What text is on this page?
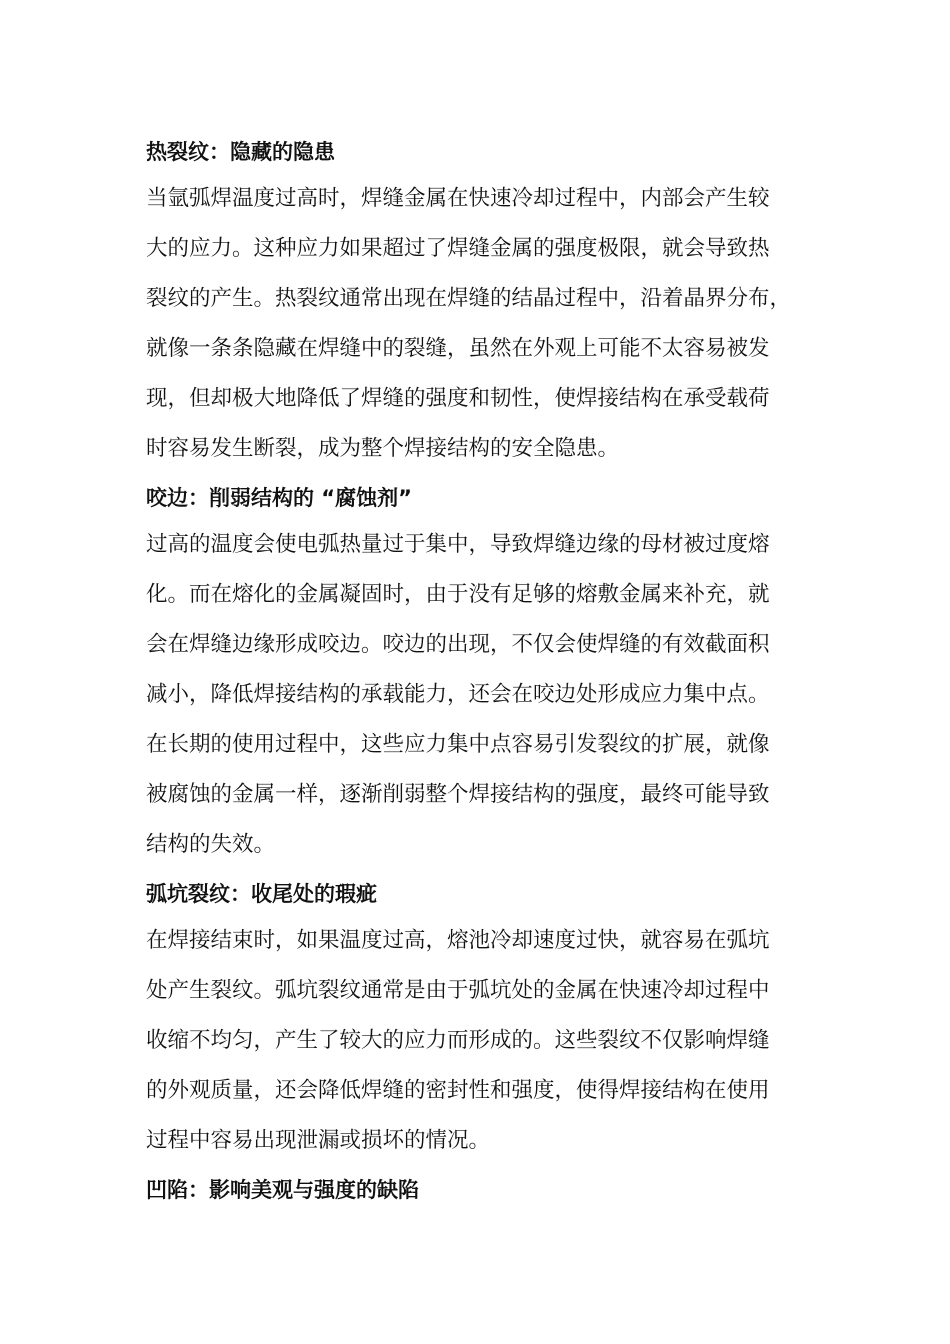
热裂纹：隐藏的隐患
当氩弧焊温度过高时，焊缝金属在快速冷却过程中，内部会产生较
大的应力。这种应力如果超过了焊缝金属的强度极限，就会导致热
裂纹的产生。热裂纹通常出现在焊缝的结晶过程中，沿着晶界分布，
就像一条条隐藏在焊缝中的裂缝，虽然在外观上可能不太容易被发
现，但却极大地降低了焊缝的强度和韧性，使焊接结构在承受载荷
时容易发生断裂，成为整个焊接结构的安全隐患。
咬边：削弱结构的 “腐蚀剂”
过高的温度会使电弧热量过于集中，导致焊缝边缘的母材被过度熔
化。而在熔化的金属凝固时，由于没有足够的熔敷金属来补充，就
会在焊缝边缘形成咬边。咬边的出现，不仅会使焊缝的有效截面积
减小，降低焊接结构的承载能力，还会在咬边处形成应力集中点。
在长期的使用过程中，这些应力集中点容易引发裂纹的扩展，就像
被腐蚀的金属一样，逐渐削弱整个焊接结构的强度，最终可能导致
结构的失效。
弧坑裂纹：收尾处的瑕疵
在焊接结束时，如果温度过高，熔池冷却速度过快，就容易在弧坑
处产生裂纹。弧坑裂纹通常是由于弧坑处的金属在快速冷却过程中
收缩不均匀，产生了较大的应力而形成的。这些裂纹不仅影响焊缝
的外观质量，还会降低焊缝的密封性和强度，使得焊接结构在使用
过程中容易出现泄漏或损坏的情况。
凹陷：影响美观与强度的缺陷
